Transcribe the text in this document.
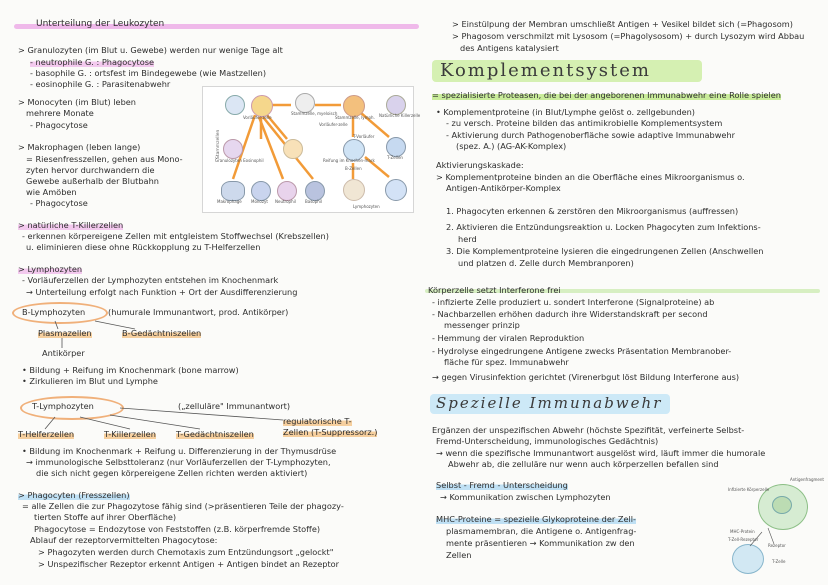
Unterteilung der Leukozyten
> Granulozyten (im Blut u. Gewebe) werden nur wenige Tage alt
- neutrophile G. : Phagocytose
- basophile G. : ortsfest im Bindegewebe (wie Mastzellen)
- eosinophile G. : Parasitenabwehr
> Monocyten (im Blut) leben
mehrere Monate
- Phagocytose
> Makrophagen (leben lange)
= Riesenfresszellen, gehen aus Mono-
zyten hervor durchwandern die
Gewebe außerhalb der Blutbahn
wie Amöben
- Phagocytose
> natürliche T-Killerzellen
- erkennen körpereigene Zellen mit entgleistem Stoffwechsel (Krebszellen)
u. eliminieren diese ohne Rückkopplung zu T-Helferzellen
> Lymphozyten
- Vorläuferzellen der Lymphozyten entstehen im Knochenmark
→ Unterteilung erfolgt nach Funktion + Ort der Ausdifferenzierung
B-Lymphozyten	(humurale Immunantwort, prod. Antikörper)
Plasmazellen	B-Gedächtniszellen
Antikörper
• Bildung + Reifung im Knochenmark (bone marrow)
• Zirkulieren im Blut und Lymphe
T-Lymphozyten	(„zelluläre" Immunantwort)
regulatorische T-
Zellen (T-Suppressorz.)
T-Helferzellen	T-Killerzellen T-Gedächtniszellen
• Bildung im Knochenmark + Reifung u. Differenzierung in der Thymusdrüse
→ immunologische Selbsttoleranz (nur Vorläuferzellen der T-Lymphozyten,
die sich nicht gegen körpereigene Zellen richten werden aktiviert)
> Phagocyten (Fresszellen)
= alle Zellen die zur Phagozytose fähig sind (>präsentieren Teile der phagozy-
tierten Stoffe auf ihrer Oberfläche)
Phagocytose = Endozytose von Feststoffen (z.B. körperfremde Stoffe)
Ablauf der rezeptorvermittelten Phagocytose:
> Phagozyten werden durch Chemotaxis zum Entzündungsort „gelockt"
> Unspezifischer Rezeptor erkennt Antigen + Antigen bindet an Rezeptor
Stammzellen
Vorläufer-zelle
Stammzelle, myeloisch
Stammzelle, lymph.
Vorläufer-zelle
Natürliche Killerzelle
T-Zellen
Reifung im Knochen-mark
B-Zellen
T-Vorläufer
Lymphozyten
Makrophage Monozyt Neutrophil Basophil
Granulozyten Eosinophil
> Einstülpung der Membran umschließt Antigen + Vesikel bildet sich (=Phagosom)
> Phagosom verschmilzt mit Lysosom (=Phagolysosom) + durch Lysozym wird Abbau
des Antigens katalysiert
Komplementsystem
= spezialisierte Proteasen, die bei der angeborenen Immunabwehr eine Rolle spielen
• Komplementproteine (in Blut/Lymphe gelöst o. zellgebunden)
- zu versch. Proteine bilden das antimikrobielle Komplementsystem
- Aktivierung durch Pathogenoberfläche sowie adaptive Immunabwehr
(spez. A.) (AG-AK-Komplex)
Aktivierungskaskade:
> Komplementproteine binden an die Oberfläche eines Mikroorganismus o.
Antigen-Antikörper-Komplex
1. Phagocyten erkennen & zerstören den Mikroorganismus (auffressen)
2. Aktivieren die Entzündungsreaktion u. Locken Phagocyten zum Infektions-
herd
3. Die Komplementproteine lysieren die eingedrungenen Zellen (Anschwellen
und platzen d. Zelle durch Membranporen)
Körperzelle setzt Interferone frei
- infizierte Zelle produziert u. sondert Interferone (Signalproteine) ab
- Nachbarzellen erhöhen dadurch ihre Widerstandskraft per second
messenger prinzip
- Hemmung der viralen Reproduktion
- Hydrolyse eingedrungene Antigene zwecks Präsentation Membranober-
fläche für spez. Immunabwehr
→ gegen Virusinfektion gerichtet (Virenerbgut löst Bildung Interferone aus)
Spezielle Immunabwehr
Ergänzen der unspezifischen Abwehr (höchste Spezifität, verfeinerte Selbst-
Fremd-Unterscheidung, immunologisches Gedächtnis)
→ wenn die spezifische Immunantwort ausgelöst wird, läuft immer die humorale
Abwehr ab, die zelluläre nur wenn auch körperzellen befallen sind
Selbst - Fremd - Unterscheidung
→ Kommunikation zwischen Lymphozyten
MHC-Proteine = spezielle Glykoproteine der Zell-
plasmamembran, die Antigene o. Antigenfrag-
mente präsentieren → Kommunikation zw den
Zellen
Infizierte Körperzelle
Antigenfragment
MHC-Protein
T-Zell-Rezeptor
Rezeptor
T-Zelle
